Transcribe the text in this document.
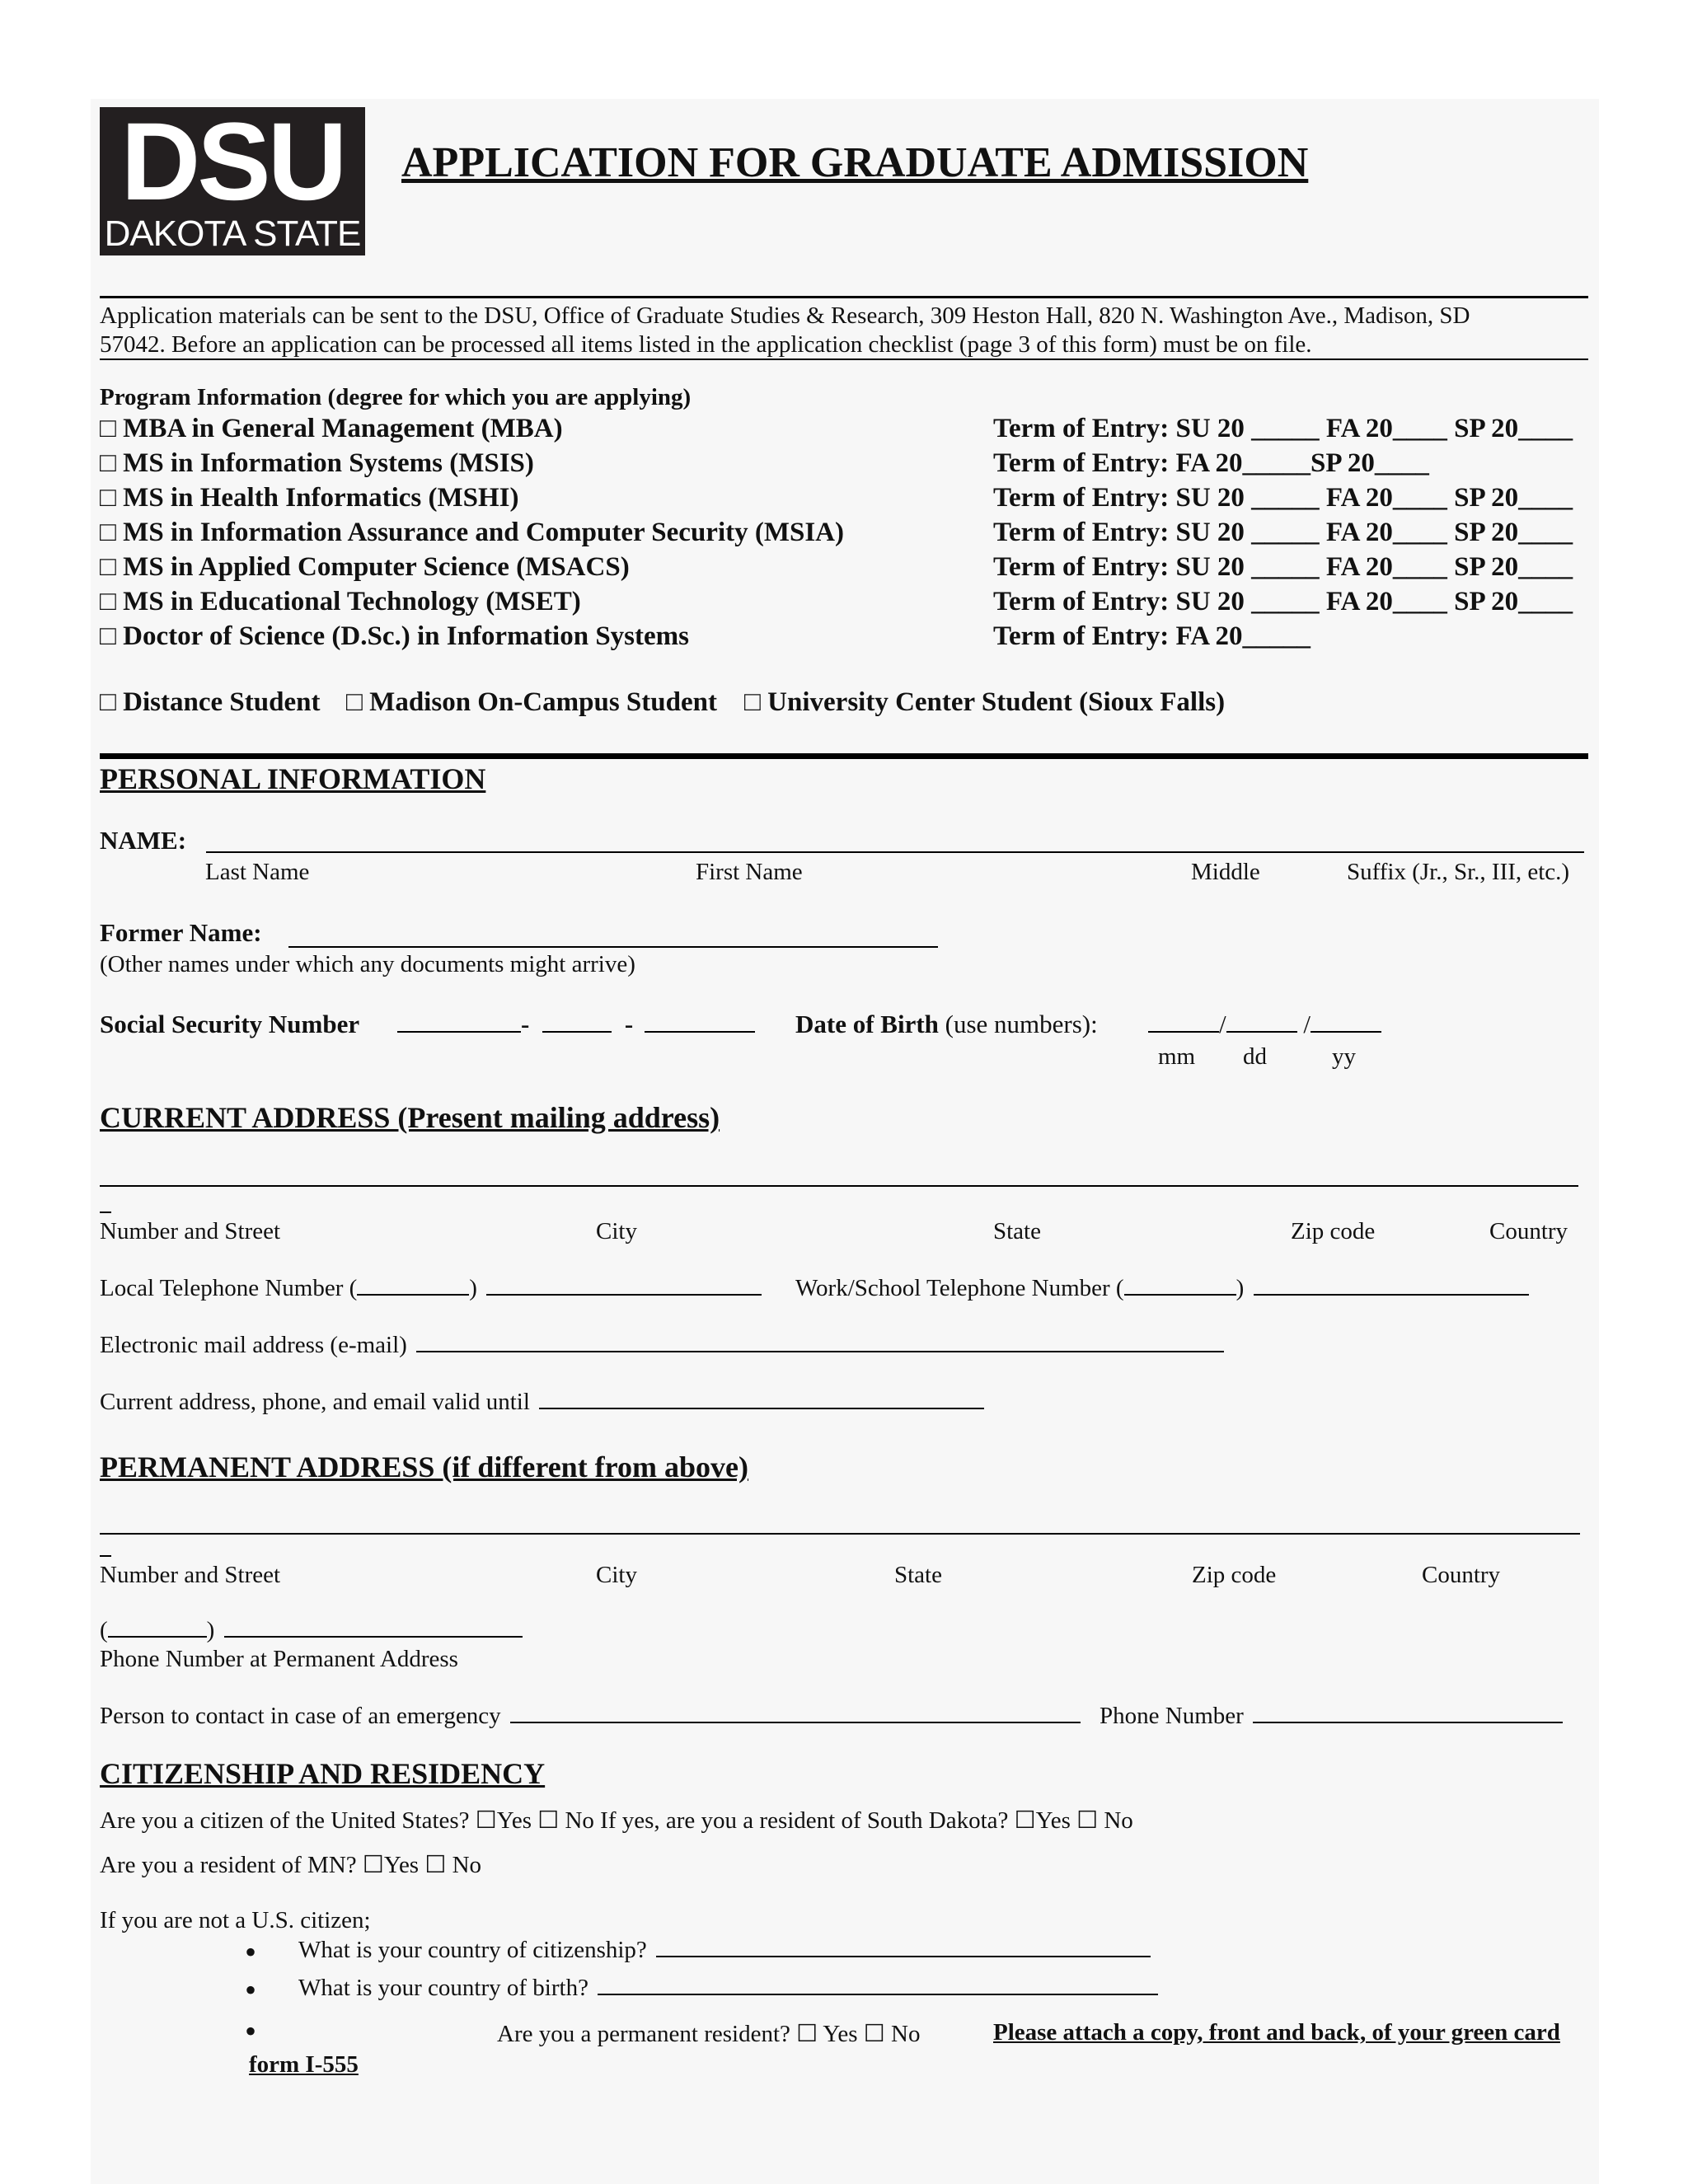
DSU
DAKOTA STATE
APPLICATION FOR GRADUATE ADMISSION
Application materials can be sent to the DSU, Office of Graduate Studies & Research, 309 Heston Hall, 820 N. Washington Ave., Madison, SD
57042. Before an application can be processed all items listed in the application checklist (page 3 of this form) must be on file.
Program Information (degree for which you are applying)
□ MBA in General Management (MBA)	Term of Entry: SU 20 _____ FA 20____ SP 20____
□ MS in Information Systems (MSIS)	Term of Entry: FA 20_____SP 20____
□ MS in Health Informatics (MSHI)	Term of Entry: SU 20 _____ FA 20____ SP 20____
□ MS in Information Assurance and Computer Security (MSIA)	Term of Entry: SU 20 _____ FA 20____ SP 20____
□ MS in Applied Computer Science (MSACS)	Term of Entry: SU 20 _____ FA 20____ SP 20____
□ MS in Educational Technology (MSET)	Term of Entry: SU 20 _____ FA 20____ SP 20____
□ Doctor of Science (D.Sc.) in Information Systems	Term of Entry: FA 20_____
□ Distance Student □ Madison On-Campus Student □ University Center Student (Sioux Falls)
PERSONAL INFORMATION
NAME:
Last Name	First Name	Middle	Suffix (Jr., Sr., III, etc.)
Former Name:
(Other names under which any documents might arrive)
Social Security Number	-	-	Date of Birth (use numbers):	/	/
mm dd	yy
CURRENT ADDRESS (Present mailing address)
Number and Street	City	State	Zip code	Country
Local Telephone Number (	)	Work/School Telephone Number (	)
Electronic mail address (e-mail)
Current address, phone, and email valid until
PERMANENT ADDRESS (if different from above)
Number and Street	City	State	Zip code	Country
(	)
Phone Number at Permanent Address
Person to contact in case of an emergency	Phone Number
CITIZENSHIP AND RESIDENCY
Are you a citizen of the United States? ☐Yes ☐ No If yes, are you a resident of South Dakota? ☐Yes ☐ No
Are you a resident of MN? ☐Yes ☐ No
If you are not a U.S. citizen;
• What is your country of citizenship?
• What is your country of birth?
•	Are you a permanent resident? ☐ Yes ☐ No	Please attach a copy, front and back, of your green card
form I-555
